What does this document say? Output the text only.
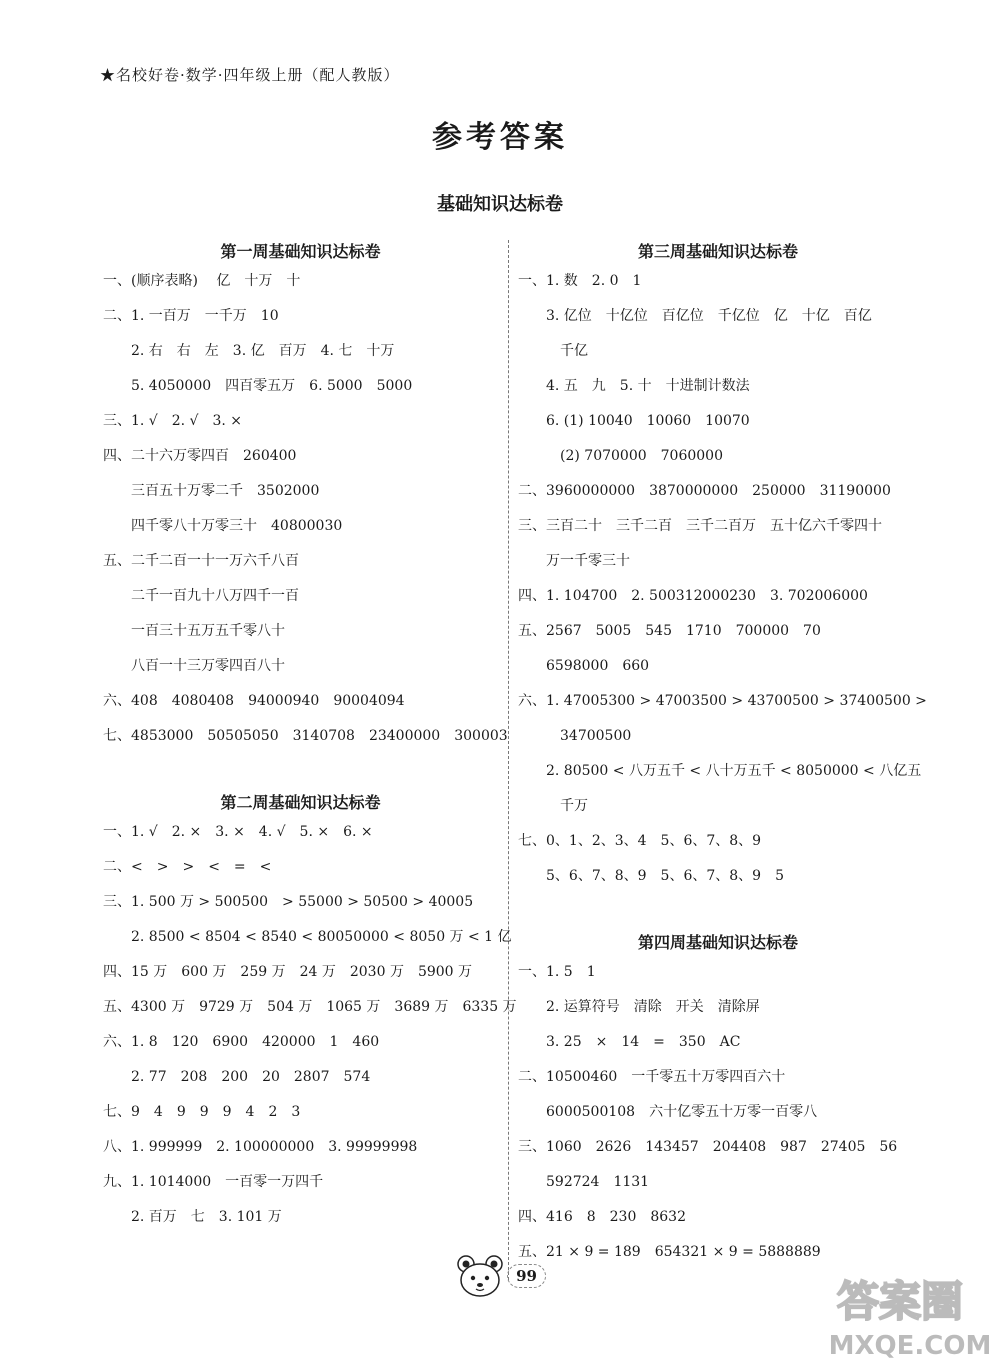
★名校好卷·数学·四年级上册（配人教版）
参考答案
基础知识达标卷
第一周基础知识达标卷
一、(顺序表略)　 亿　十万　十
二、1. 一百万　一千万　10
　　2. 右　右　左　3. 亿　百万　4. 七　十万
　　5. 4050000　四百零五万　6. 5000　5000
三、1. √　2. √　3. ×
四、二十六万零四百　260400
　　三百五十万零二千　3502000
　　四千零八十万零三十　40800030
五、二千二百一十一万六千八百
　　二千一百九十八万四千一百
　　一百三十五万五千零八十
　　八百一十三万零四百八十
六、408　4080408　94000940　90004094
七、4853000　50505050　3140708　23400000　300003
第二周基础知识达标卷
一、1. √　2. ×　3. ×　4. √　5. ×　6. ×
二、<　>　>　<　=　<
三、1. 500 万 > 500500　> 55000 > 50500 > 40005
　　2. 8500 < 8504 < 8540 < 80050000 < 8050 万 < 1 亿
四、15 万　600 万　259 万　24 万　2030 万　5900 万
五、4300 万　9729 万　504 万　1065 万　3689 万　6335 万
六、1. 8　120　6900　420000　1　460
　　2. 77　208　200　20　2807　574
七、9　4　9　9　9　4　2　3
八、1. 999999　2. 100000000　3. 99999998
九、1. 1014000　一百零一万四千
　　2. 百万　七　3. 101 万
第三周基础知识达标卷
一、1. 数　2. 0　1
　　3. 亿位　十亿位　百亿位　千亿位　亿　十亿　百亿
　　　千亿
　　4. 五　九　5. 十　十进制计数法
　　6. (1) 10040　10060　10070
　　　(2) 7070000　7060000
二、3960000000　3870000000　250000　31190000
三、三百二十　三千二百　三千二百万　五十亿六千零四十
　　万一千零三十
四、1. 104700　2. 500312000230　3. 702006000
五、2567　5005　545　1710　700000　70
　　6598000　660
六、1. 47005300 > 47003500 > 43700500 > 37400500 >
　　　34700500
　　2. 80500 < 八万五千 < 八十万五千 < 8050000 < 八亿五
　　　千万
七、0、1、2、3、4　5、6、7、8、9
　　5、6、7、8、9　5、6、7、8、9　5
第四周基础知识达标卷
一、1. 5　1
　　2. 运算符号　清除　开关　清除屏
　　3. 25　×　14　=　350　AC
二、10500460　一千零五十万零四百六十
　　6000500108　六十亿零五十万零一百零八
三、1060　2626　143457　204408　987　27405　56
　　592724　1131
四、416　8　230　8632
五、21 × 9 = 189　654321 × 9 = 5888889
99
答案圈
MXQE.COM
